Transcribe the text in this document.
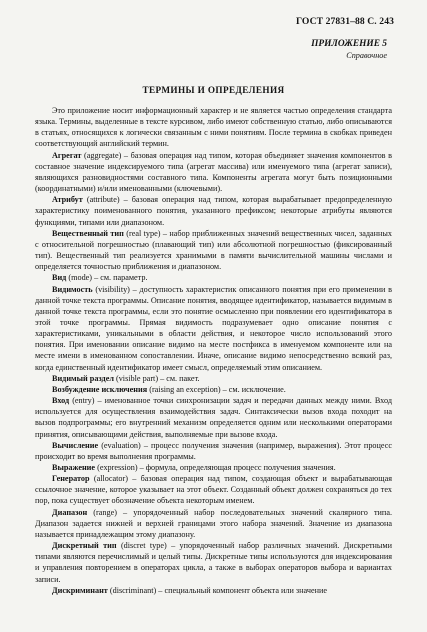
ГОСТ 27831–88 С. 243
ПРИЛОЖЕНИЕ 5
Справочное
ТЕРМИНЫ И ОПРЕДЕЛЕНИЯ

Это приложение носит информационный характер и не является частью определения стандарта языка. Термины, выделенные в тексте курсивом, либо имеют собственную статью, либо описываются в статьях, относящихся к логически связанным с ними понятиям. После термина в скобках приведен соответствующий английский термин.

Агрегат (aggregate) – базовая операция над типом, которая объединяет значения компонентов в составное значение индексируемого типа (агрегат массива) или именуемого типа (агрегат записи), являющихся разновидностями составного типа. Компоненты агрегата могут быть позиционными (координатными) и/или именованными (ключевыми).

Атрибут (attribute) – базовая операция над типом, которая вырабатывает предопределенную характеристику поименованного понятия, указанного префиксом; некоторые атрибуты являются функциями, типами или диапазоном.

Вещественный тип (real type) – набор приближенных значений вещественных чисел, заданных с относительной погрешностью (плавающий тип) или абсолютной погрешностью (фиксированный тип). Вещественный тип реализуется хранимыми в памяти вычислительной машины числами и определяется точностью приближения и диапазоном.

Вид (mode) – см. параметр.

Видимость (visibility) – доступность характеристик описанного понятия при его применении в данной точке текста программы. Описание понятия, вводящее идентификатор, называется видимым в данной точке текста программы, если это понятие осмысленно при появлении его идентификатора в этой точке программы. Прямая видимость подразумевает одно описание понятия с характеристиками, уникальными в области действия, и некоторое число использований этого понятия. При именовании описание видимо на месте постфикса в именуемом компоненте или на месте имени в именованном сопоставлении. Иначе, описание видимо непосредственно всякий раз, когда единственный идентификатор имеет смысл, определяемый этим описанием.

Видимый раздел (visible part) – см. пакет.

Возбуждение исключения (raising an exception) – см. исключение.

Вход (entry) – именованное точки синхронизации задач и передачи данных между ними. Вход используется для осуществления взаимодействия задач. Синтаксически вызов входа походит на вызов подпрограммы; его внутренний механизм определяется одним или несколькими операторами принятия, описывающими действия, выполняемые при вызове входа.

Вычисление (evaluation) – процесс получения значения (например, выражения). Этот процесс происходит во время выполнения программы.

Выражение (expression) – формула, определяющая процесс получения значения.

Генератор (allocator) – базовая операция над типом, создающая объект и вырабатывающая ссылочное значение, которое указывает на этот объект. Созданный объект должен сохраняться до тех пор, пока существует обозначение объекта некоторым именем.

Диапазон (range) – упорядоченный набор последовательных значений скалярного типа. Диапазон задается нижней и верхней границами этого набора значений. Значение из диапазона называется принадлежащим этому диапазону.

Дискретный тип (discret type) – упорядоченный набор различных значений. Дискретными типами являются перечислимый и целый типы. Дискретные типы используются для индексирования и управления повторением в операторах цикла, а также в выборах операторов выбора и вариантах записи.

Дискриминант (discriminant) – специальный компонент объекта или значение
